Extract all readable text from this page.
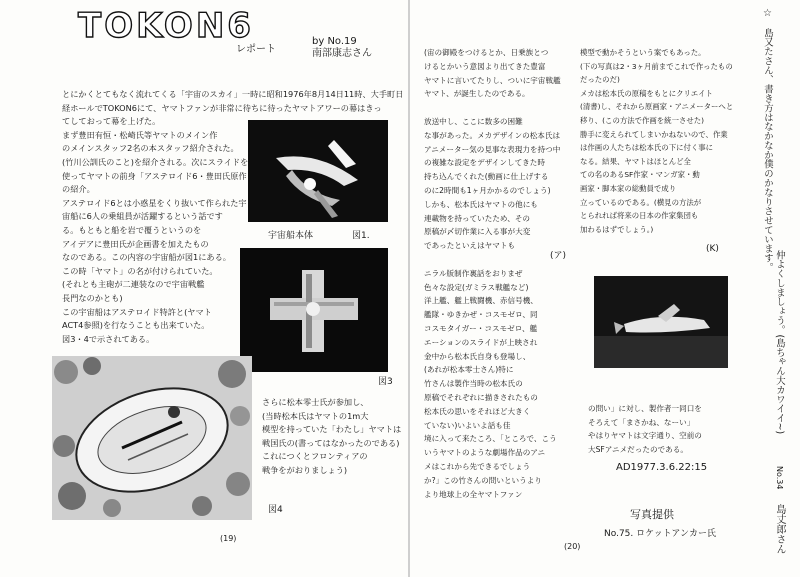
TOKON6
レポート
by No.19
南部康志さん
とにかくとてもなく流れてくる「宇宙のスカイ」一時に昭和1976年8月14日11時、大手町日
経ホールでTOKON6にて、ヤマトファンが非常に待ちに待ったヤマトアワーの幕はきっ
てしておって幕を上げた。
まず豊田有恒・松崎氏等ヤマトのメイン作
のメインスタッフ2名の本スタッフ紹介された。
(竹川公訓氏のこと)を紹介される。次にスライドを
使ってヤマトの前身「アステロイド6・豊田氏原作
の紹介。
アステロイド6とは小惑星をくり抜いて作られた宇
宙船に6人の乗組員が活躍するという話です
る。もともと船を岩で覆うというのを
アイデアに豊田氏が企画書を加えたもの
なのである。この内容の宇宙船が図1にある。
この時「ヤマト」の名が付けられていた。
(それとも主砲が二連装なので宇宙戦艦
長門なのかとも)
この宇宙船はアステロイド特許と(ヤマト
ACT4参照)を行なうことも出来ていた。
図3・4で示されてある。
宇宙船本体	図1.
図3
図4
さらに松本零士氏が参加し、
(当時松本氏はヤマトの1m大
模型を持っていた「わたし」ヤマトは
戦国氏の(書ってはなかったのである)
これにつくとフロンティアの
戦争をがおりましょう)
(19)
(宙の御殿をつけるとか、日乗族とつ
けるとかいう意図より出てきた豊富
ヤマトに言いてたりし、ついに宇宙戦艦
ヤマト、が誕生したのである。

放送中し、ここに数多の困難
な事があった。メカデザインの松本氏は
アニメーター気の見事な表現力を持つ中
の複雑な設定をデザインしてきた時
持ち込んでくれた(動画に仕上げする
のに2時間も1ヶ月かかるのでしょう)
しかも、松本氏はヤマトの他にも
連載物を持っていたため、その
原稿が〆切作業に入る事が大変
であったといえはヤマトも

ニラル版制作裏話をおりまぜ
色々な設定(ガミラス戦艦など)
洋上艦、艦上戦闘機、赤信号機、
艦隊・ゆきかぜ・コスモゼロ、同
コスモタイガー・コスモゼロ、艦
エーションのスライドが上映され
金中から松本氏自身も登場し、
(あれが松本零士さん)特に
竹さんは製作当時の松本氏の
原稿でそれぞれに描きされたもの
松本氏の思いをそれほど大きく
ていない)いよいよ話も佳
境に入って来たころ、「ところで、こう
いうヤマトのような劇場作品のアニ
メはこれから先できるでしょう
か?」この竹さんの問いというより
より地球上の全ヤマトファン
(ア)
模型で動かそうという案でもあった。
(下の写真は2・3ヶ月前までこれで作ったもの
だったのだ)
メカは松本氏の原稿をもとにクリエイト
(清書)し、それから原画家・アニメーターへと
移り、(この方法で作画を統一させた)
勝手に変えられてしまいかねないので、作業
は作画の人たちは松本氏の下に付く事に
なる。結果、ヤマトはほとんど全
ての名のあるSF作家・マンガ家・動
画家・脚本家の総動員で成り
立っているのである。(横見の方法が
とられれば将来の日本の作家集団も
加わるはずでしょう。)
(K)
の問い」に対し、製作者一同口を
そろえて「まさかね、なーい」
やはりヤマトは文字通り、空前の
大SFアニメだったのである。
AD1977.3.6.22:15
写真提供
No.75. ロケットアンカー氏
(20)
☆
島又たさん、書き方はなかなか僕のかなりさせています。
仲よくしましょう。(島ちゃん大カワイイ~)
No.34
島丈郎さん
